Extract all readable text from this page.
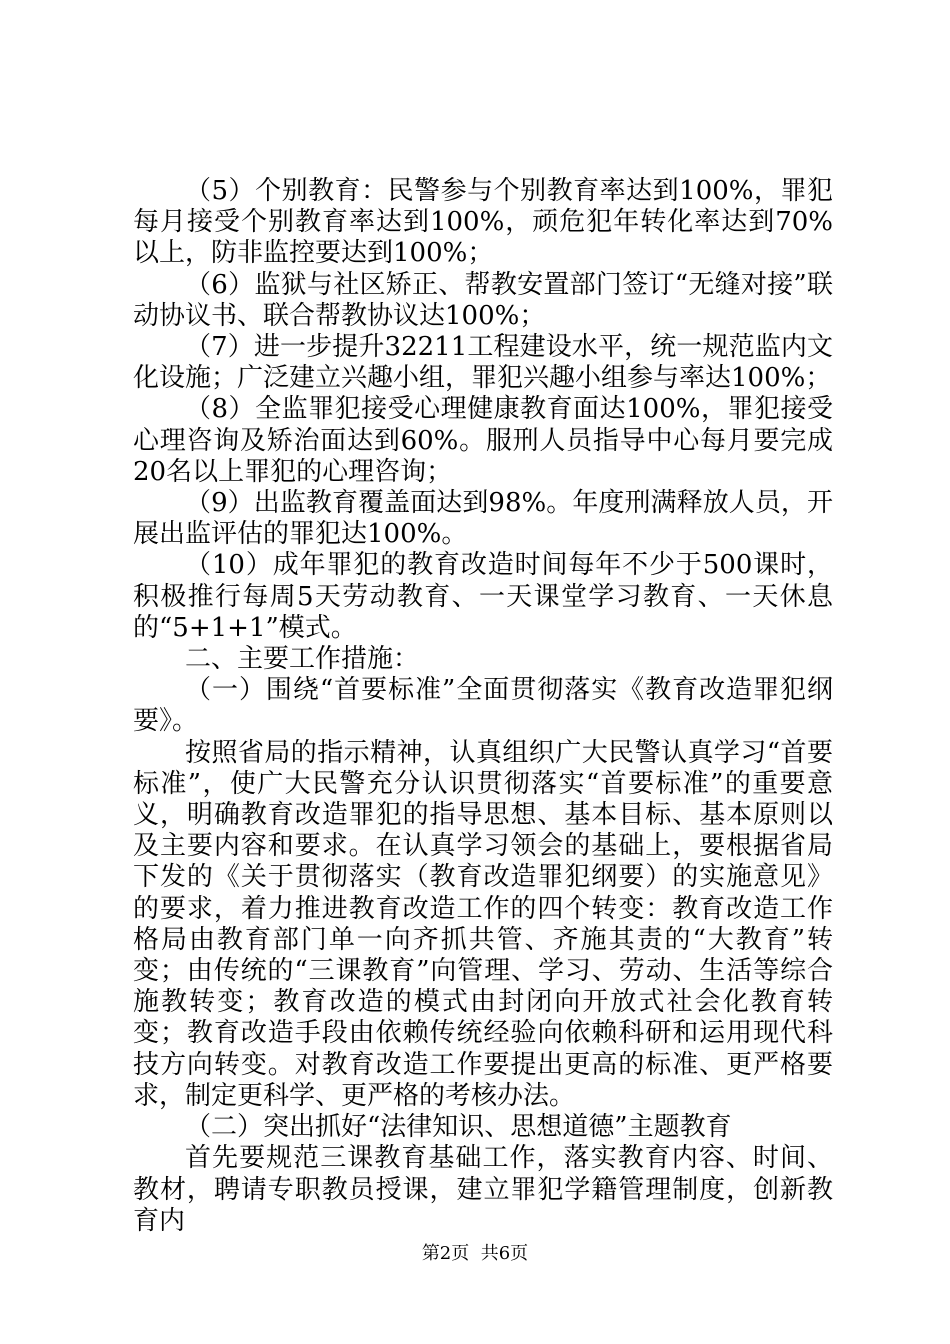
（5）个别教育：民警参与个别教育率达到100%，罪犯每月接受个别教育率达到100%，顽危犯年转化率达到70%以上，防非监控要达到100%；

（6）监狱与社区矫正、帮教安置部门签订“无缝对接”联动协议书、联合帮教协议达100%；

（7）进一步提升32211工程建设水平，统一规范监内文化设施；广泛建立兴趣小组，罪犯兴趣小组参与率达100%；

（8）全监罪犯接受心理健康教育面达100%，罪犯接受心理咨询及矫治面达到60%。服刑人员指导中心每月要完成20名以上罪犯的心理咨询；

（9）出监教育覆盖面达到98%。年度刑满释放人员，开展出监评估的罪犯达100%。

（10）成年罪犯的教育改造时间每年不少于500课时，积极推行每周5天劳动教育、一天课堂学习教育、一天休息的“5+1+1”模式。

二、主要工作措施：

（一）围绕“首要标准”全面贯彻落实《教育改造罪犯纲要》。

按照省局的指示精神，认真组织广大民警认真学习“首要标准”，使广大民警充分认识贯彻落实“首要标准”的重要意义，明确教育改造罪犯的指导思想、基本目标、基本原则以及主要内容和要求。在认真学习领会的基础上，要根据省局下发的《关于贯彻落实（教育改造罪犯纲要）的实施意见》的要求，着力推进教育改造工作的四个转变：教育改造工作格局由教育部门单一向齐抓共管、齐施其责的“大教育”转变；由传统的“三课教育”向管理、学习、劳动、生活等综合施教转变；教育改造的模式由封闭向开放式社会化教育转变；教育改造手段由依赖传统经验向依赖科研和运用现代科技方向转变。对教育改造工作要提出更高的标准、更严格要求，制定更科学、更严格的考核办法。

（二）突出抓好“法律知识、思想道德”主题教育

首先要规范三课教育基础工作，落实教育内容、时间、教材，聘请专职教员授课，建立罪犯学籍管理制度，创新教育内

第2页 共6页
